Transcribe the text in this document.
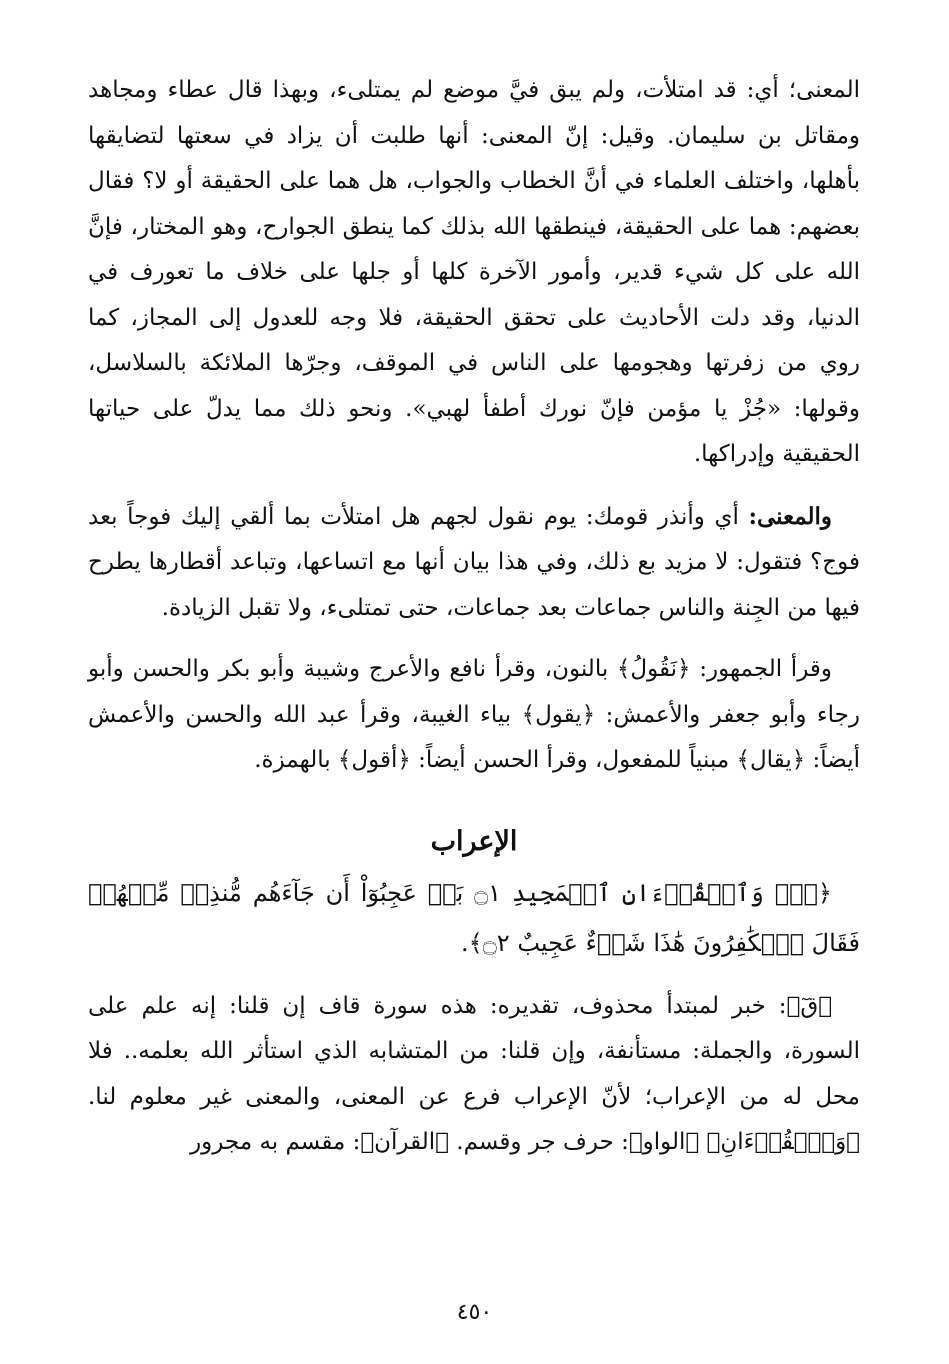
المعنى؛ أي: قد امتلأت، ولم يبق فيَّ موضع لم يمتلىء، وبهذا قال عطاء ومجاهد ومقاتل بن سليمان. وقيل: إنّ المعنى: أنها طلبت أن يزاد في سعتها لتضايقها بأهلها، واختلف العلماء في أنَّ الخطاب والجواب، هل هما على الحقيقة أو لا؟ فقال بعضهم: هما على الحقيقة، فينطقها الله بذلك كما ينطق الجوارح، وهو المختار، فإنَّ الله على كل شيء قدير، وأمور الآخرة كلها أو جلها على خلاف ما تعورف في الدنيا، وقد دلت الأحاديث على تحقق الحقيقة، فلا وجه للعدول إلى المجاز، كما روي من زفرتها وهجومها على الناس في الموقف، وجرّها الملائكة بالسلاسل، وقولها: «جُزْ يا مؤمن فإنّ نورك أطفأ لهبي». ونحو ذلك مما يدلّ على حياتها الحقيقية وإدراكها.

والمعنى: أي وأنذر قومك: يوم نقول لجهم هل امتلأت بما ألقي إليك فوجاً بعد فوج؟ فتقول: لا مزيد بع ذلك، وفي هذا بيان أنها مع اتساعها، وتباعد أقطارها يطرح فيها من الجِنة والناس جماعات بعد جماعات، حتى تمتلىء، ولا تقبل الزيادة.

وقرأ الجمهور: ﴿نَقُولُ﴾ بالنون، وقرأ نافع والأعرج وشيبة وأبو بكر والحسن وأبو رجاء وأبو جعفر والأعمش: ﴿يقول﴾ بياء الغيبة، وقرأ عبد الله والحسن والأعمش أيضاً: ﴿يقال﴾ مبنياً للمفعول، وقرأ الحسن أيضاً: ﴿أقول﴾ بالهمزة.

الإعراب

﴿قٓۚ وَٱلۡقُرۡءَانِ ٱلۡمَجِيدِ ۝١ بَلۡ عَجِبُوٓاْ أَن جَآءَهُم مُّنذِرٞ مِّنۡهُمۡ فَقَالَ ٱلۡكَٰفِرُونَ هَٰذَا شَيۡءٌ عَجِيبٌ ۝٢﴾.

﴿قٓ﴾: خبر لمبتدأ محذوف، تقديره: هذه سورة قاف إن قلنا: إنه علم على السورة، والجملة: مستأنفة، وإن قلنا: من المتشابه الذي استأثر الله بعلمه.. فلا محل له من الإعراب؛ لأنّ الإعراب فرع عن المعنى، والمعنى غير معلوم لنا. ﴿وَٱلۡقُرۡءَانِ﴾ ﴿الواو﴾: حرف جر وقسم. ﴿القرآن﴾: مقسم به مجرور

٤٥٠
